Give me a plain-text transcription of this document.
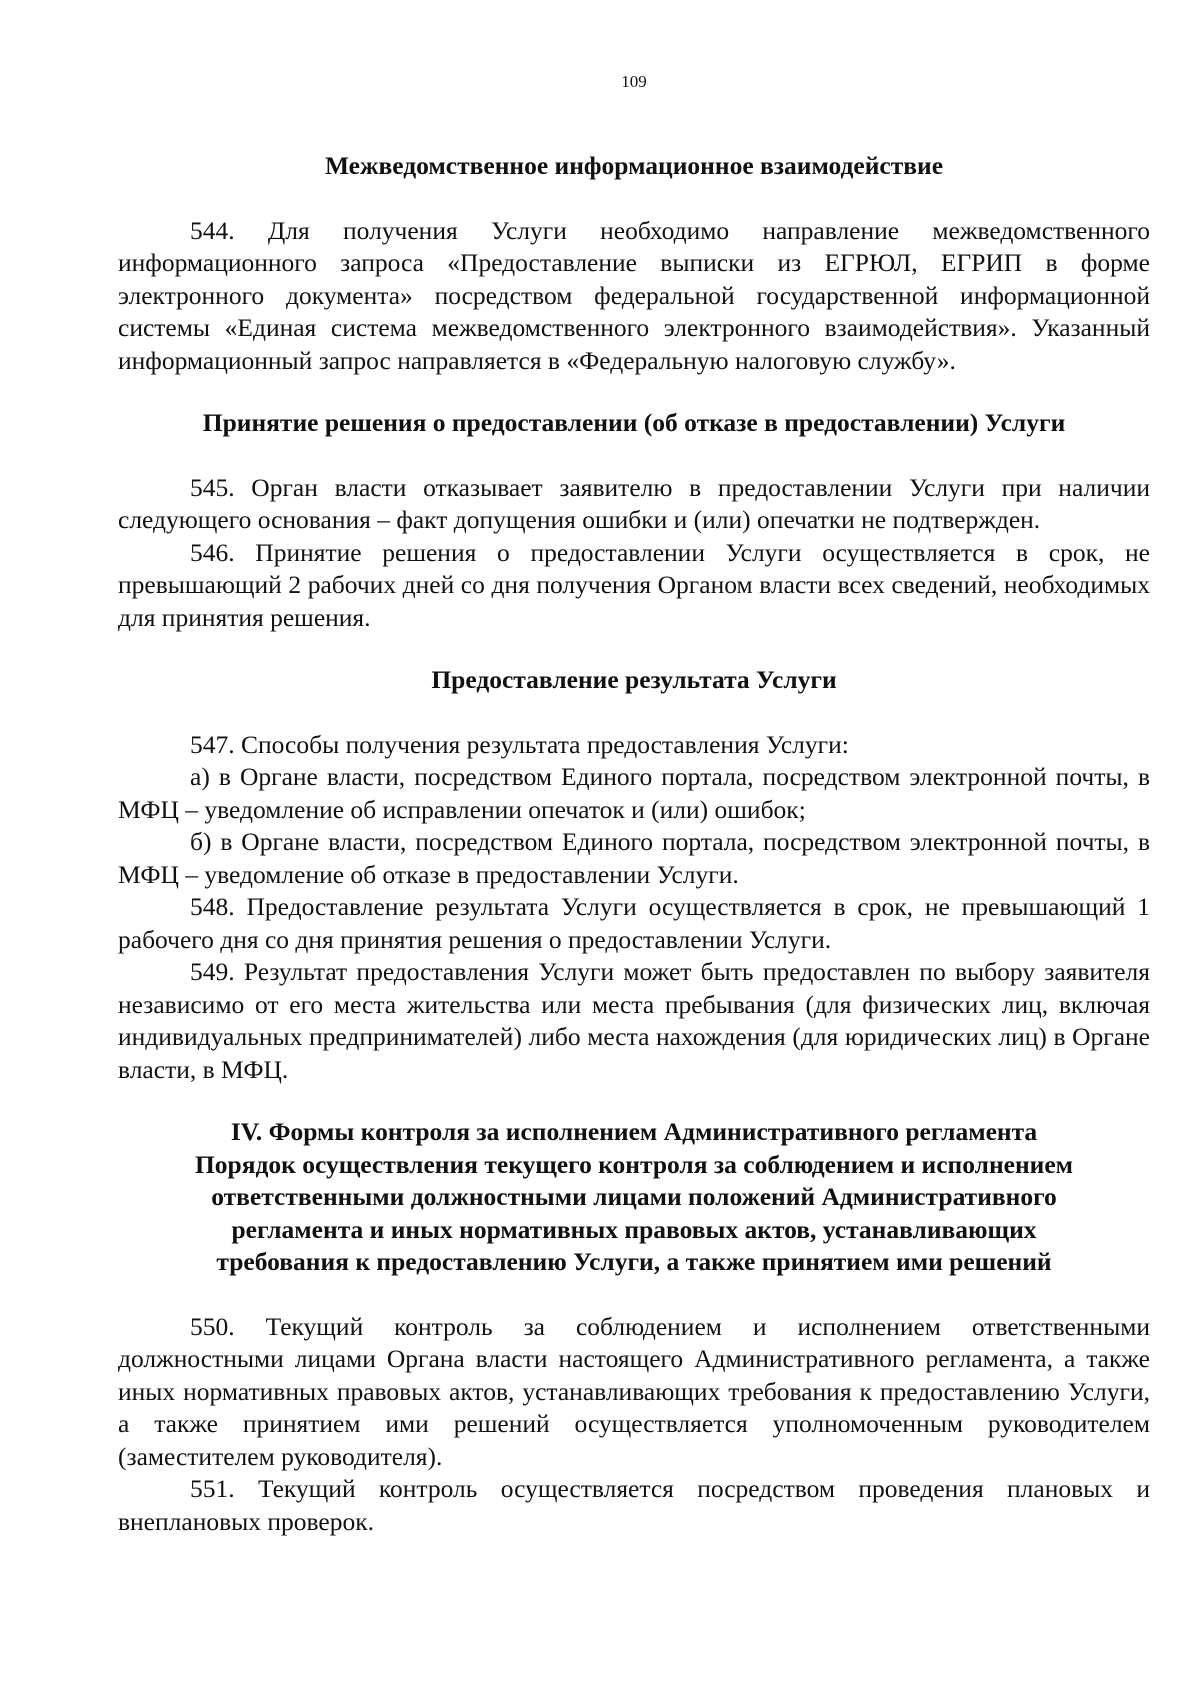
109

Межведомственное информационное взаимодействие

544. Для получения Услуги необходимо направление межведомственного информационного запроса «Предоставление выписки из ЕГРЮЛ, ЕГРИП в форме электронного документа» посредством федеральной государственной информационной системы «Единая система межведомственного электронного взаимодействия». Указанный информационный запрос направляется в «Федеральную налоговую службу».

Принятие решения о предоставлении (об отказе в предоставлении) Услуги

545. Орган власти отказывает заявителю в предоставлении Услуги при наличии следующего основания – факт допущения ошибки и (или) опечатки не подтвержден.

546. Принятие решения о предоставлении Услуги осуществляется в срок, не превышающий 2 рабочих дней со дня получения Органом власти всех сведений, необходимых для принятия решения.

Предоставление результата Услуги

547. Способы получения результата предоставления Услуги:

а) в Органе власти, посредством Единого портала, посредством электронной почты, в МФЦ – уведомление об исправлении опечаток и (или) ошибок;

б) в Органе власти, посредством Единого портала, посредством электронной почты, в МФЦ – уведомление об отказе в предоставлении Услуги.

548. Предоставление результата Услуги осуществляется в срок, не превышающий 1 рабочего дня со дня принятия решения о предоставлении Услуги.

549. Результат предоставления Услуги может быть предоставлен по выбору заявителя независимо от его места жительства или места пребывания (для физических лиц, включая индивидуальных предпринимателей) либо места нахождения (для юридических лиц) в Органе власти, в МФЦ.

IV. Формы контроля за исполнением Административного регламента
Порядок осуществления текущего контроля за соблюдением и исполнением
ответственными должностными лицами положений Административного
регламента и иных нормативных правовых актов, устанавливающих
требования к предоставлению Услуги, а также принятием ими решений

550. Текущий контроль за соблюдением и исполнением ответственными должностными лицами Органа власти настоящего Административного регламента, а также иных нормативных правовых актов, устанавливающих требования к предоставлению Услуги, а также принятием ими решений осуществляется уполномоченным руководителем (заместителем руководителя).

551. Текущий контроль осуществляется посредством проведения плановых и внеплановых проверок.
